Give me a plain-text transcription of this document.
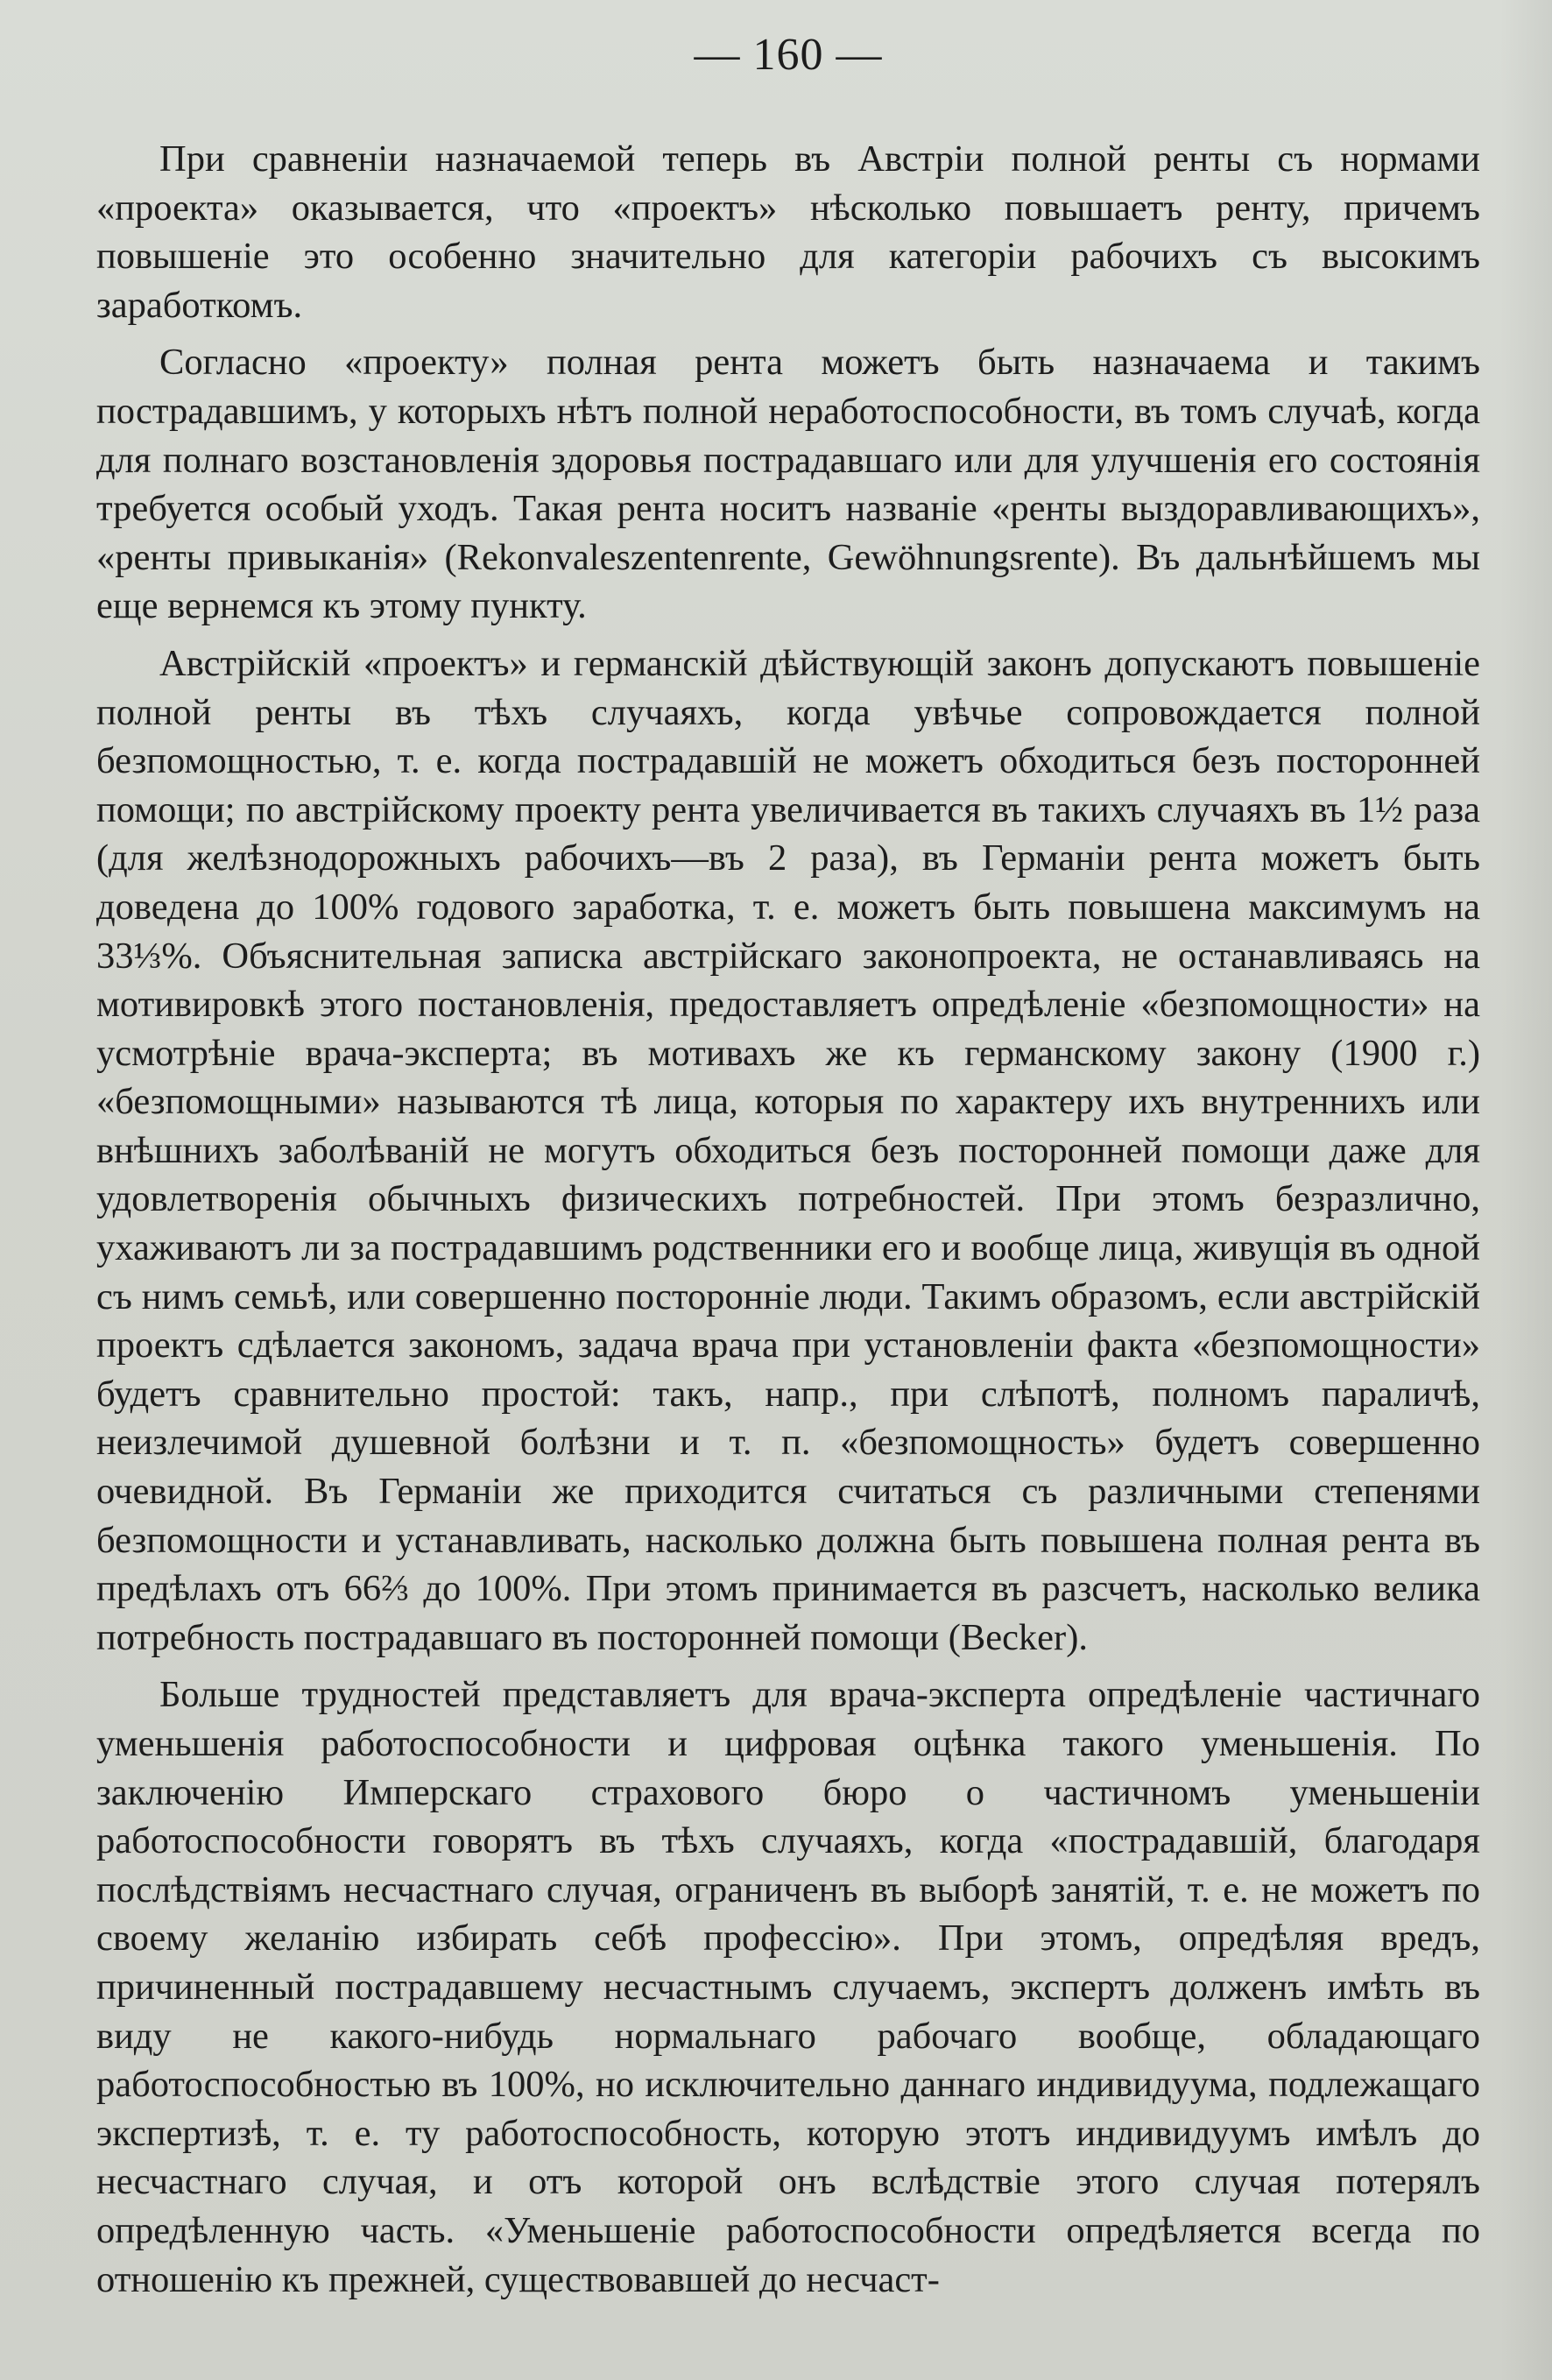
— 160 —

При сравненіи назначаемой теперь въ Австріи полной ренты съ нормами «проекта» оказывается, что «проектъ» нѣсколько повышаетъ ренту, причемъ повышеніе это особенно значительно для категоріи рабочихъ съ высокимъ заработкомъ.

Согласно «проекту» полная рента можетъ быть назначаема и такимъ пострадавшимъ, у которыхъ нѣтъ полной неработоспособности, въ томъ случаѣ, когда для полнаго возстановленія здоровья пострадавшаго или для улучшенія его состоянія требуется особый уходъ. Такая рента носитъ названіе «ренты выздоравливающихъ», «ренты привыканія» (Rekonvaleszentenrente, Gewöhnungsrente). Въ дальнѣйшемъ мы еще вернемся къ этому пункту.

Австрійскій «проектъ» и германскій дѣйствующій законъ допускаютъ повышеніе полной ренты въ тѣхъ случаяхъ, когда увѣчье сопровождается полной безпомощностью, т. е. когда пострадавшій не можетъ обходиться безъ посторонней помощи; по австрійскому проекту рента увеличивается въ такихъ случаяхъ въ 1½ раза (для желѣзнодорожныхъ рабочихъ—въ 2 раза), въ Германіи рента можетъ быть доведена до 100% годового заработка, т. е. можетъ быть повышена максимумъ на 33⅓%. Объяснительная записка австрійскаго законопроекта, не останавливаясь на мотивировкѣ этого постановленія, предоставляетъ опредѣленіе «безпомощности» на усмотрѣніе врача-эксперта; въ мотивахъ же къ германскому закону (1900 г.) «безпомощными» называются тѣ лица, которыя по характеру ихъ внутреннихъ или внѣшнихъ заболѣваній не могутъ обходиться безъ посторонней помощи даже для удовлетворенія обычныхъ физическихъ потребностей. При этомъ безразлично, ухаживаютъ ли за пострадавшимъ родственники его и вообще лица, живущія въ одной съ нимъ семьѣ, или совершенно посторонніе люди. Такимъ образомъ, если австрійскій проектъ сдѣлается закономъ, задача врача при установленіи факта «безпомощности» будетъ сравнительно простой: такъ, напр., при слѣпотѣ, полномъ параличѣ, неизлечимой душевной болѣзни и т. п. «безпомощность» будетъ совершенно очевидной. Въ Германіи же приходится считаться съ различными степенями безпомощности и устанавливать, насколько должна быть повышена полная рента въ предѣлахъ отъ 66⅔ до 100%. При этомъ принимается въ разсчетъ, насколько велика потребность пострадавшаго въ посторонней помощи (Becker).

Больше трудностей представляетъ для врача-эксперта опредѣленіе частичнаго уменьшенія работоспособности и цифровая оцѣнка такого уменьшенія. По заключенію Имперскаго страхового бюро о частичномъ уменьшеніи работоспособности говорятъ въ тѣхъ случаяхъ, когда «пострадавшій, благодаря послѣдствіямъ несчастнаго случая, ограниченъ въ выборѣ занятій, т. е. не можетъ по своему желанію избирать себѣ профессію». При этомъ, опредѣляя вредъ, причиненный пострадавшему несчастнымъ случаемъ, экспертъ долженъ имѣть въ виду не какого-нибудь нормальнаго рабочаго вообще, обладающаго работоспособностью въ 100%, но исключительно даннаго индивидуума, подлежащаго экспертизѣ, т. е. ту работоспособность, которую этотъ индивидуумъ имѣлъ до несчастнаго случая, и отъ которой онъ вслѣдствіе этого случая потерялъ опредѣленную часть. «Уменьшеніе работоспособности опредѣляется всегда по отношенію къ прежней, существовавшей до несчаст-
